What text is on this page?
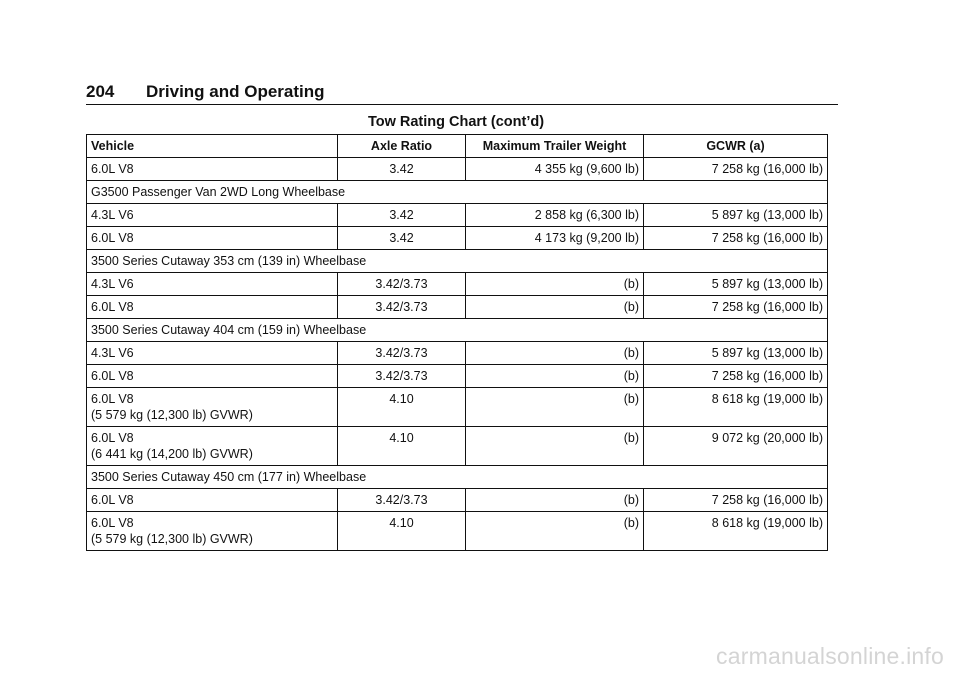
204 Driving and Operating
Tow Rating Chart (cont’d)
Vehicle	Axle Ratio	Maximum Trailer Weight	GCWR (a)

6.0L V8	3.42	4 355 kg (9,600 lb)	7 258 kg (16,000 lb)
G3500 Passenger Van 2WD Long Wheelbase			

4.3L V6	3.42	2 858 kg (6,300 lb)	5 897 kg (13,000 lb)

6.0L V8	3.42	4 173 kg (9,200 lb)	7 258 kg (16,000 lb)
3500 Series Cutaway 353 cm (139 in) Wheelbase			

4.3L V6	3.42/3.73	(b)	5 897 kg (13,000 lb)

6.0L V8	3.42/3.73	(b)	7 258 kg (16,000 lb)
3500 Series Cutaway 404 cm (159 in) Wheelbase			

4.3L V6	3.42/3.73	(b)	5 897 kg (13,000 lb)

6.0L V8	3.42/3.73	(b)	7 258 kg (16,000 lb)

6.0L V8
(5 579 kg (12,300 lb) GVWR)	4.10	(b)	8 618 kg (19,000 lb)

6.0L V8
(6 441 kg (14,200 lb) GVWR)	4.10	(b)	9 072 kg (20,000 lb)
3500 Series Cutaway 450 cm (177 in) Wheelbase			

6.0L V8	3.42/3.73	(b)	7 258 kg (16,000 lb)

6.0L V8
(5 579 kg (12,300 lb) GVWR)	4.10	(b)	8 618 kg (19,000 lb)
carmanualsonline.info
